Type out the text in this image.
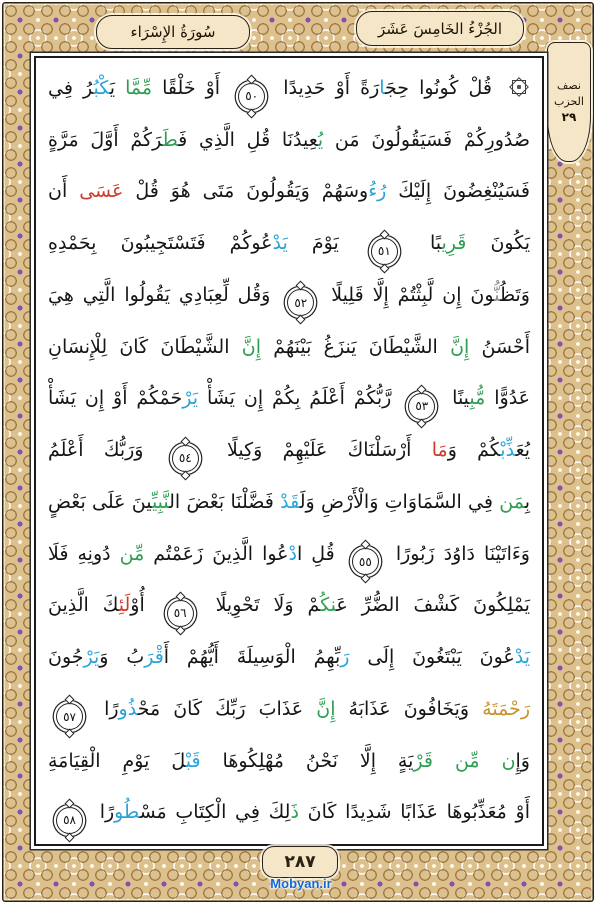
الجُزْءُ الخَامِسَ عَشَرَ
سُورَةُ الإِسْرَاء
نصف
الحزب
٢٩
قُلْ كُونُوا حِجَارَةً أَوْ حَدِيدًا
٥٠
أَوْ خَلْقًا مِّمَّا يَكْبُرُ فِي
صُدُورِكُمْ فَسَيَقُولُونَ مَن يُعِيدُنَا قُلِ الَّذِي فَطَرَكُمْ أَوَّلَ مَرَّةٍ
فَسَيُنْغِضُونَ إِلَيْكَ رُءُوسَهُمْ وَيَقُولُونَ مَتَى هُوَ قُلْ عَسَى أَن
يَكُونَ قَرِيبًا
٥١
يَوْمَ يَدْعُوكُمْ فَتَسْتَجِيبُونَ بِحَمْدِهِ
وَتَظُنُّونَ إِن لَّبِثْتُمْ إِلَّا قَلِيلًا
٥٢
وَقُل لِّعِبَادِي يَقُولُوا الَّتِي هِيَ
أَحْسَنُ إِنَّ الشَّيْطَانَ يَنزَغُ بَيْنَهُمْ إِنَّ الشَّيْطَانَ كَانَ لِلْإِنسَانِ
عَدُوًّا مُّبِينًا
٥٣
رَّبُّكُمْ أَعْلَمُ بِكُمْ إِن يَشَأْ يَرْحَمْكُمْ أَوْ إِن يَشَأْ
يُعَذِّبْكُمْ وَمَا أَرْسَلْنَاكَ عَلَيْهِمْ وَكِيلًا
٥٤
وَرَبُّكَ أَعْلَمُ
بِمَن فِي السَّمَاوَاتِ وَالْأَرْضِ وَلَقَدْ فَضَّلْنَا بَعْضَ النَّبِيِّينَ عَلَى بَعْضٍ
وَءَاتَيْنَا دَاوُدَ زَبُورًا
٥٥
قُلِ ادْعُوا الَّذِينَ زَعَمْتُم مِّن دُونِهِ فَلَا
يَمْلِكُونَ كَشْفَ الضُّرِّ عَنكُمْ وَلَا تَحْوِيلًا
٥٦
أُوْلَئِكَ الَّذِينَ
يَدْعُونَ يَبْتَغُونَ إِلَى رَبِّهِمُ الْوَسِيلَةَ أَيُّهُمْ أَقْرَبُ وَيَرْجُونَ
رَحْمَتَهُ وَيَخَافُونَ عَذَابَهُ إِنَّ عَذَابَ رَبِّكَ كَانَ مَحْذُورًا
٥٧
وَإِن مِّن قَرْيَةٍ إِلَّا نَحْنُ مُهْلِكُوهَا قَبْلَ يَوْمِ الْقِيَامَةِ
أَوْ مُعَذِّبُوهَا عَذَابًا شَدِيدًا كَانَ ذَلِكَ فِي الْكِتَابِ مَسْطُورًا
٥٨
٢٨٧
Mobyan.ir
